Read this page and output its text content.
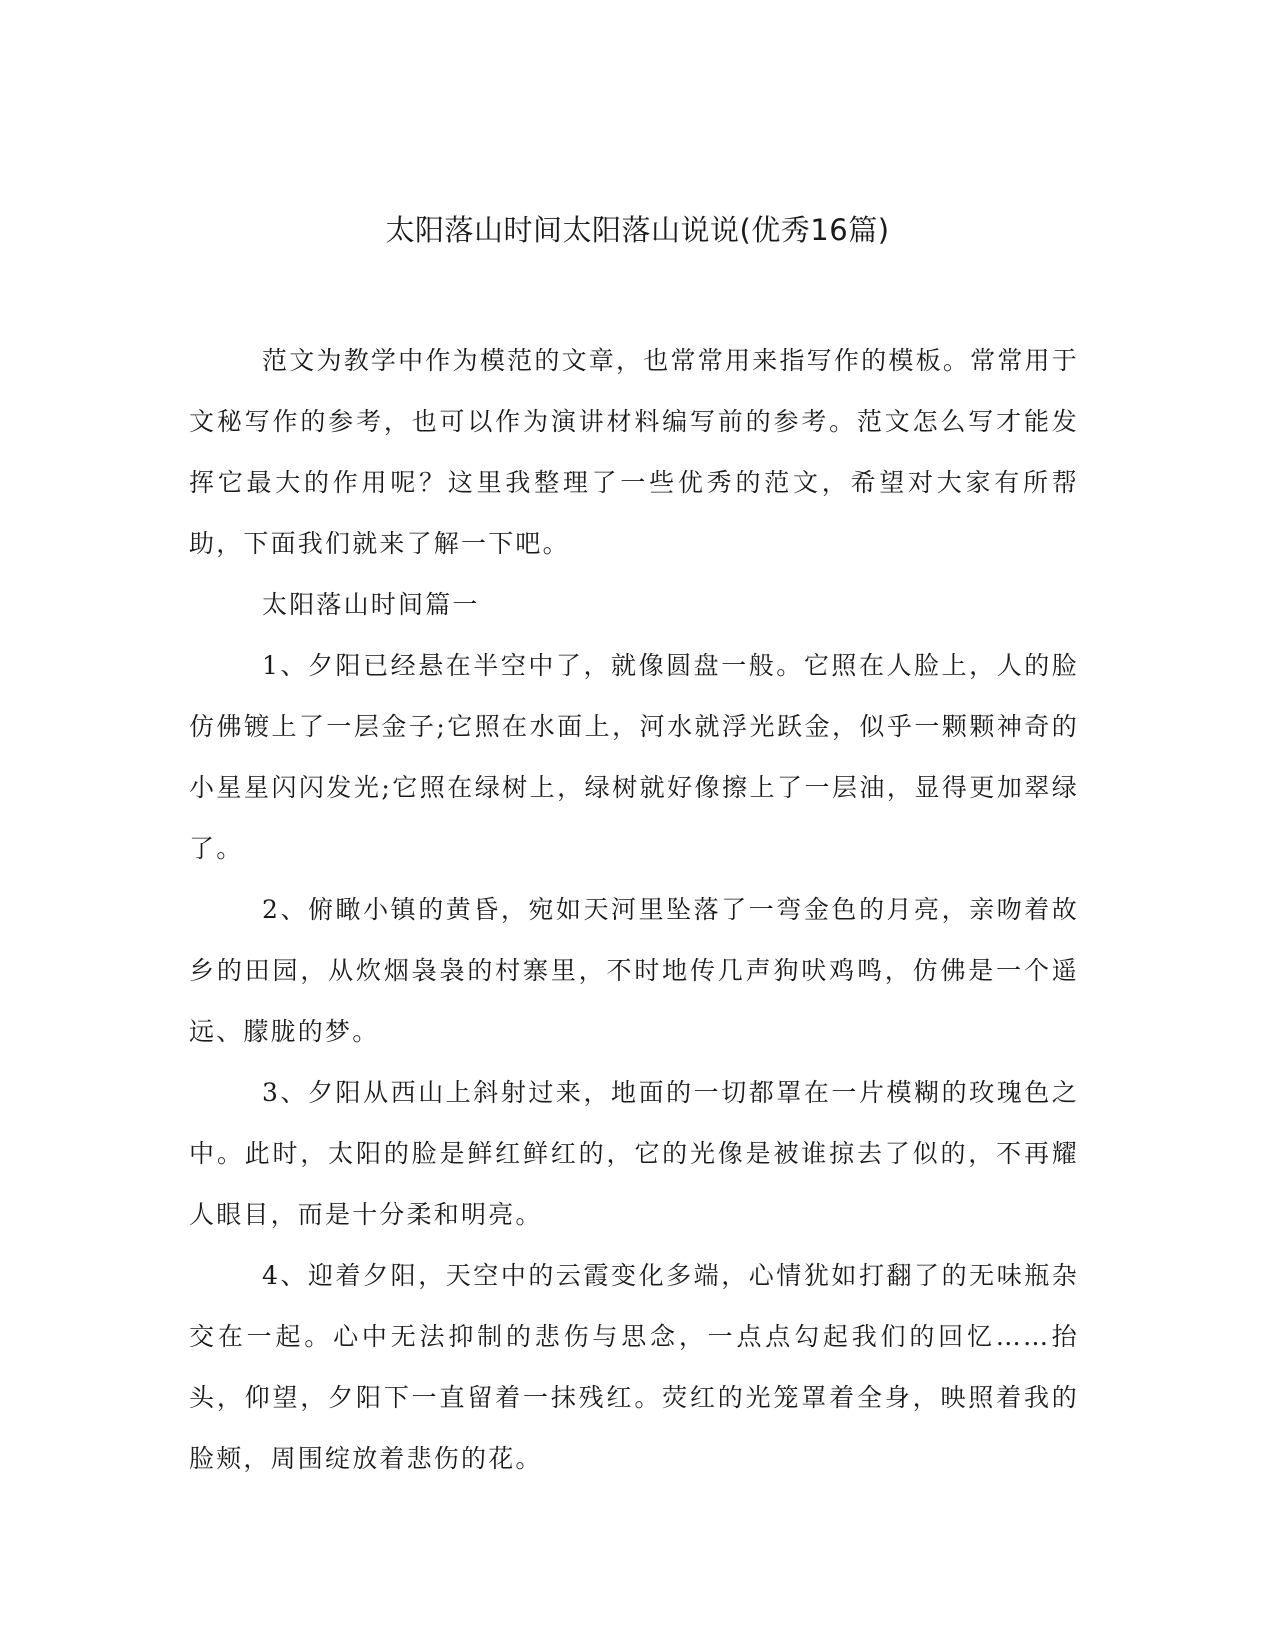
太阳落山时间太阳落山说说(优秀16篇)

范文为教学中作为模范的文章，也常常用来指写作的模板。常常用于文秘写作的参考，也可以作为演讲材料编写前的参考。范文怎么写才能发挥它最大的作用呢？这里我整理了一些优秀的范文，希望对大家有所帮助，下面我们就来了解一下吧。

太阳落山时间篇一

1、夕阳已经悬在半空中了，就像圆盘一般。它照在人脸上，人的脸仿佛镀上了一层金子;它照在水面上，河水就浮光跃金，似乎一颗颗神奇的小星星闪闪发光;它照在绿树上，绿树就好像擦上了一层油，显得更加翠绿了。

2、俯瞰小镇的黄昏，宛如天河里坠落了一弯金色的月亮，亲吻着故乡的田园，从炊烟袅袅的村寨里，不时地传几声狗吠鸡鸣，仿佛是一个遥远、朦胧的梦。

3、夕阳从西山上斜射过来，地面的一切都罩在一片模糊的玫瑰色之中。此时，太阳的脸是鲜红鲜红的，它的光像是被谁掠去了似的，不再耀人眼目，而是十分柔和明亮。

4、迎着夕阳，天空中的云霞变化多端，心情犹如打翻了的无味瓶杂交在一起。心中无法抑制的悲伤与思念，一点点勾起我们的回忆……抬头，仰望，夕阳下一直留着一抹残红。荧红的光笼罩着全身，映照着我的脸颊，周围绽放着悲伤的花。
